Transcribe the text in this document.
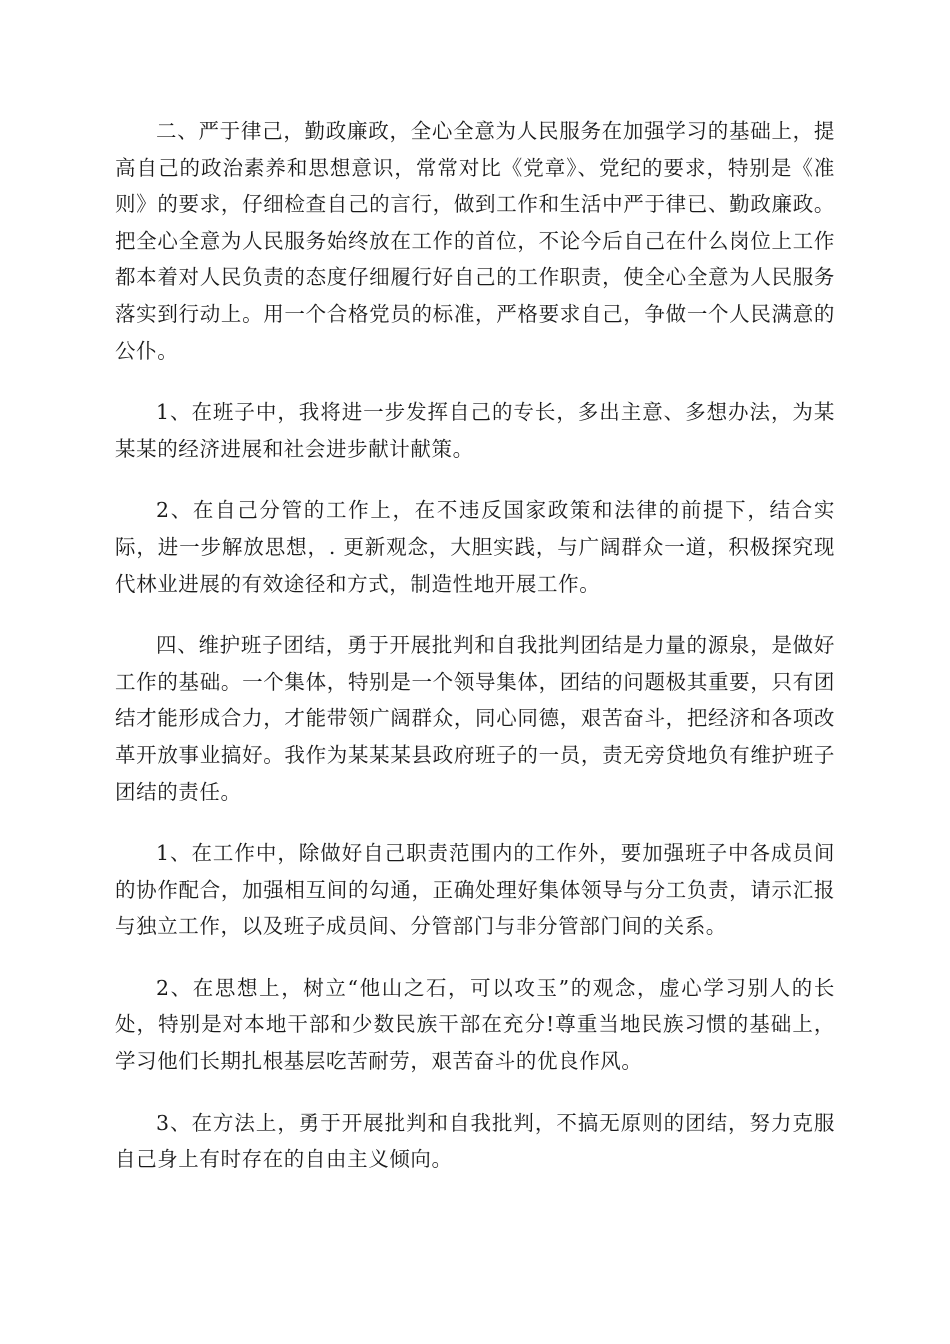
二、严于律己，勤政廉政，全心全意为人民服务在加强学习的基础上，提高自己的政治素养和思想意识，常常对比《党章》、党纪的要求，特别是《准则》的要求，仔细检查自己的言行，做到工作和生活中严于律已、勤政廉政。把全心全意为人民服务始终放在工作的首位，不论今后自己在什么岗位上工作都本着对人民负责的态度仔细履行好自己的工作职责，使全心全意为人民服务落实到行动上。用一个合格党员的标准，严格要求自己，争做一个人民满意的公仆。

1、在班子中，我将进一步发挥自己的专长，多出主意、多想办法，为某某某的经济进展和社会进步献计献策。

2、在自己分管的工作上，在不违反国家政策和法律的前提下，结合实际，进一步解放思想，. 更新观念，大胆实践，与广阔群众一道，积极探究现代林业进展的有效途径和方式，制造性地开展工作。

四、维护班子团结，勇于开展批判和自我批判团结是力量的源泉，是做好工作的基础。一个集体，特别是一个领导集体，团结的问题极其重要，只有团结才能形成合力，才能带领广阔群众，同心同德，艰苦奋斗，把经济和各项改革开放事业搞好。我作为某某某县政府班子的一员，责无旁贷地负有维护班子团结的责任。

1、在工作中，除做好自己职责范围内的工作外，要加强班子中各成员间的协作配合，加强相互间的勾通，正确处理好集体领导与分工负责，请示汇报与独立工作，以及班子成员间、分管部门与非分管部门间的关系。

2、在思想上，树立“他山之石，可以攻玉”的观念，虚心学习别人的长处，特别是对本地干部和少数民族干部在充分!尊重当地民族习惯的基础上，学习他们长期扎根基层吃苦耐劳，艰苦奋斗的优良作风。

3、在方法上，勇于开展批判和自我批判，不搞无原则的团结，努力克服自己身上有时存在的自由主义倾向。
